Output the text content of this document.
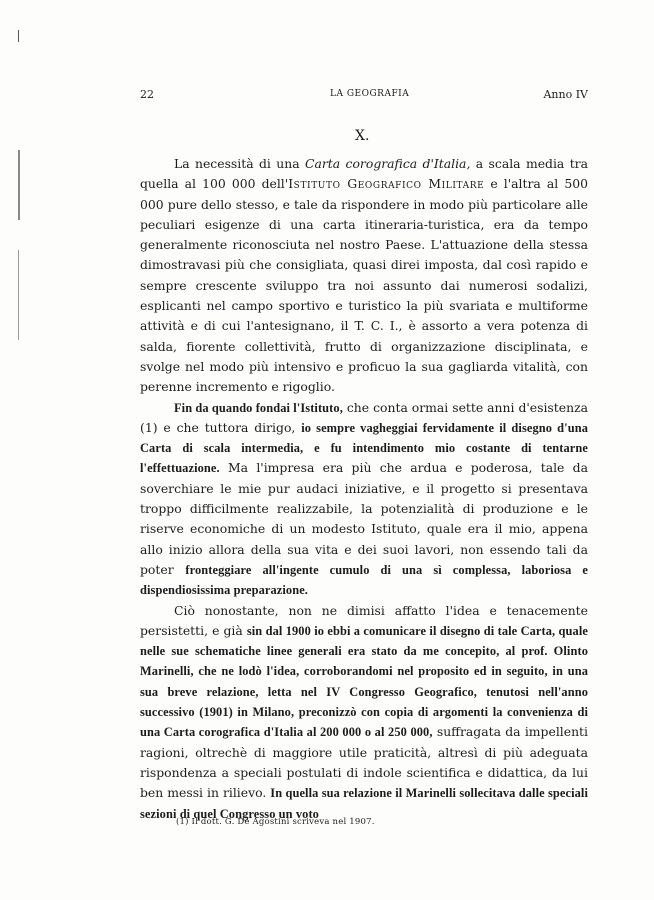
22	LA GEOGRAFIA	Anno IV
X.

La necessità di una Carta corografica d'Italia, a scala media tra quella al 100 000 dell'Istituto Geografico Militare e l'altra al 500 000 pure dello stesso, e tale da rispondere in modo più particolare alle peculiari esigenze di una carta itineraria-turistica, era da tempo generalmente riconosciuta nel nostro Paese. L'attuazione della stessa dimostravasi più che consigliata, quasi direi imposta, dal così rapido e sempre crescente sviluppo tra noi assunto dai numerosi sodalizi, esplicanti nel campo sportivo e turistico la più svariata e multiforme attività e di cui l'antesignano, il T. C. I., è assorto a vera potenza di salda, fiorente collettività, frutto di organizzazione disciplinata, e svolge nel modo più intensivo e proficuo la sua gagliarda vitalità, con perenne incremento e rigoglio.

Fin da quando fondai l'Istituto, che conta ormai sette anni d'esistenza (1) e che tuttora dirigo, io sempre vagheggiai fervidamente il disegno d'una Carta di scala intermedia, e fu intendimento mio costante di tentarne l'effettuazione. Ma l'impresa era più che ardua e poderosa, tale da soverchiare le mie pur audaci iniziative, e il progetto si presentava troppo difficilmente realizzabile, la potenzialità di produzione e le riserve economiche di un modesto Istituto, quale era il mio, appena allo inizio allora della sua vita e dei suoi lavori, non essendo tali da poter fronteggiare all'ingente cumulo di una sì complessa, laboriosa e dispendiosissima preparazione.

Ciò nonostante, non ne dimisi affatto l'idea e tenacemente persistetti, e già sin dal 1900 io ebbi a comunicare il disegno di tale Carta, quale nelle sue schematiche linee generali era stato da me concepito, al prof. Olinto Marinelli, che ne lodò l'idea, corroborandomi nel proposito ed in seguito, in una sua breve relazione, letta nel IV Congresso Geografico, tenutosi nell'anno successivo (1901) in Milano, preconizzò con copia di argomenti la convenienza di una Carta corografica d'Italia al 200 000 o al 250 000, suffragata da impellenti ragioni, oltrechè di maggiore utile praticità, altresì di più adeguata rispondenza a speciali postulati di indole scientifica e didattica, da lui ben messi in rilievo. In quella sua relazione il Marinelli sollecitava dalle speciali sezioni di quel Congresso un voto

(1) Il dott. G. De Agostini scriveva nel 1907.
